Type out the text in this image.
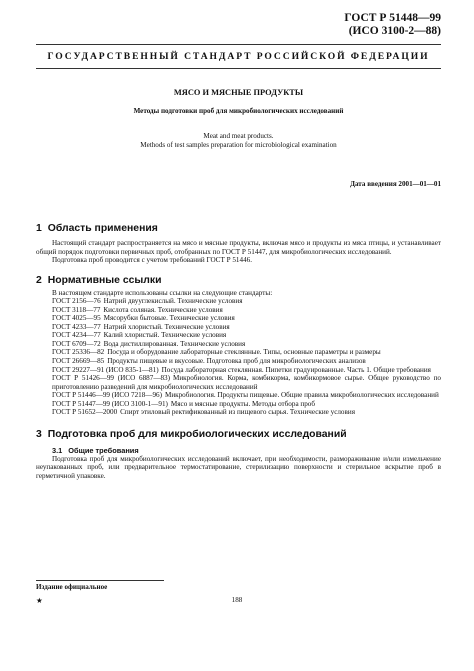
ГОСТ Р 51448—99
(ИСО 3100-2—88)
ГОСУДАРСТВЕННЫЙ СТАНДАРТ РОССИЙСКОЙ ФЕДЕРАЦИИ
МЯСО И МЯСНЫЕ ПРОДУКТЫ
Методы подготовки проб для микробиологических исследований
Meat and meat products.
Methods of test samples preparation for microbiological examination
Дата введения 2001—01—01
1 Область применения

Настоящий стандарт распространяется на мясо и мясные продукты, включая мясо и продукты из мяса птицы, и устанавливает общий порядок подготовки первичных проб, отобранных по ГОСТ Р 51447, для микробиологических исследований.

Подготовка проб проводится с учетом требований ГОСТ Р 51446.

2 Нормативные ссылки

В настоящем стандарте использованы ссылки на следующие стандарты:

ГОСТ 2156—76 Натрий двууглекислый. Технические условия

ГОСТ 3118—77 Кислота соляная. Технические условия

ГОСТ 4025—95 Мясорубки бытовые. Технические условия

ГОСТ 4233—77 Натрий хлористый. Технические условия

ГОСТ 4234—77 Калий хлористый. Технические условия

ГОСТ 6709—72 Вода дистиллированная. Технические условия

ГОСТ 25336—82 Посуда и оборудование лабораторные стеклянные. Типы, основные параметры и размеры

ГОСТ 26669—85 Продукты пищевые и вкусовые. Подготовка проб для микробиологических анализов

ГОСТ 29227—91 (ИСО 835-1—81) Посуда лабораторная стеклянная. Пипетки градуированные. Часть 1. Общие требования

ГОСТ Р 51426—99 (ИСО 6887—83) Микробиология. Корма, комбикорма, комбикормовое сырье. Общее руководство по приготовлению разведений для микробиологических исследований

ГОСТ Р 51446—99 (ИСО 7218—96) Микробиология. Продукты пищевые. Общие правила микробиологических исследований

ГОСТ Р 51447—99 (ИСО 3100-1—91) Мясо и мясные продукты. Методы отбора проб

ГОСТ Р 51652—2000 Спирт этиловый ректификованный из пищевого сырья. Технические условия

3 Подготовка проб для микробиологических исследований
3.1 Общие требования

Подготовка проб для микробиологических исследований включает, при необходимости, размораживание и/или измельчение неупакованных проб, или предварительное термостатирование, стерилизацию поверхности и стерильное вскрытие проб в герметичной упаковке.

Издание официальное
★	188
